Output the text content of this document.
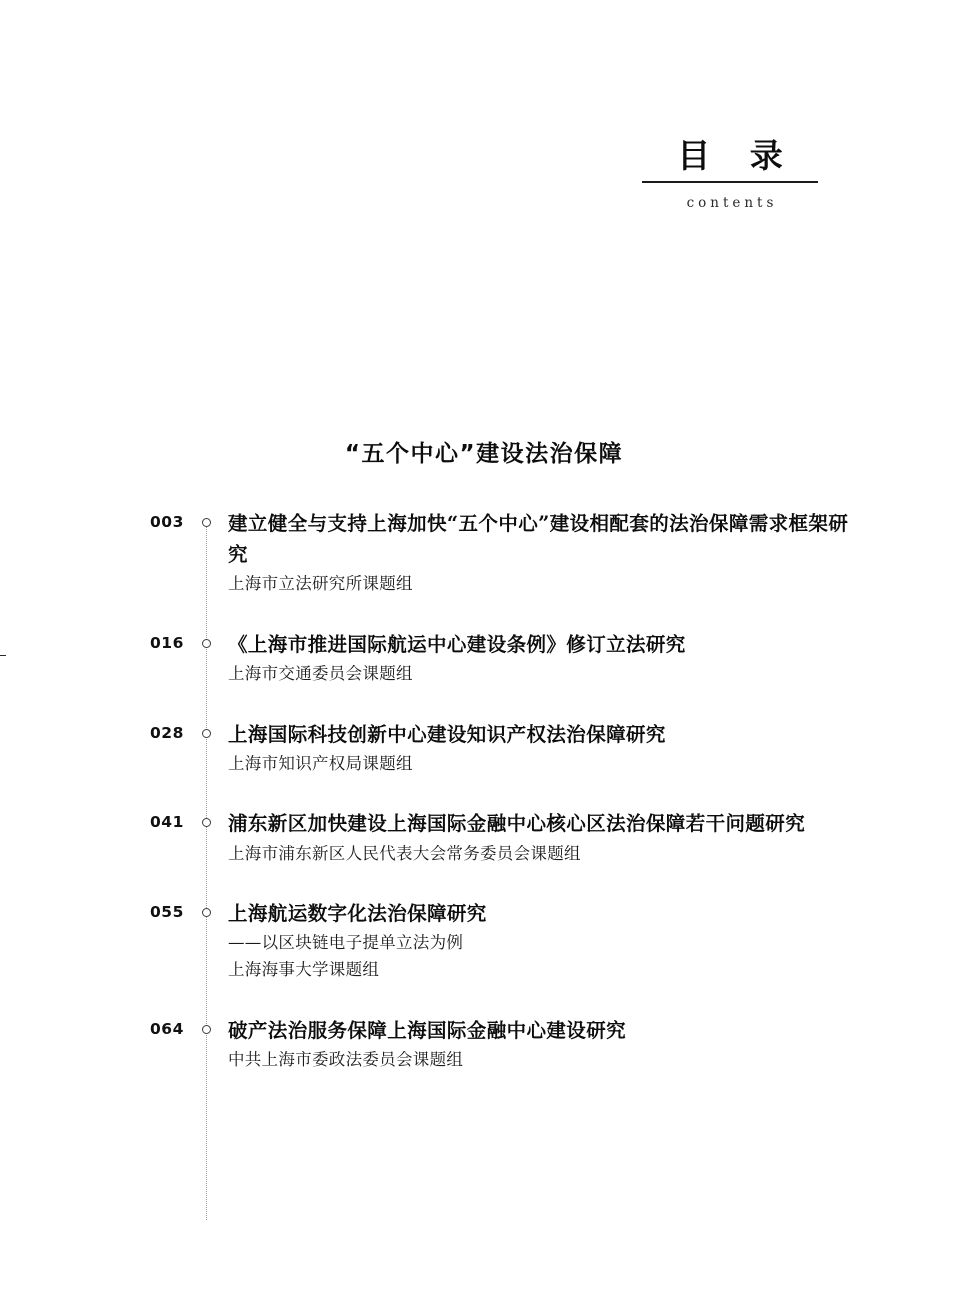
目 录
contents
“五个中心”建设法治保障
003	建立健全与支持上海加快“五个中心”建设相配套的法治保障需求框架研究
上海市立法研究所课题组
016	《上海市推进国际航运中心建设条例》修订立法研究
上海市交通委员会课题组
028	上海国际科技创新中心建设知识产权法治保障研究
上海市知识产权局课题组
041	浦东新区加快建设上海国际金融中心核心区法治保障若干问题研究
上海市浦东新区人民代表大会常务委员会课题组
055	上海航运数字化法治保障研究
——以区块链电子提单立法为例
上海海事大学课题组
064	破产法治服务保障上海国际金融中心建设研究
中共上海市委政法委员会课题组
